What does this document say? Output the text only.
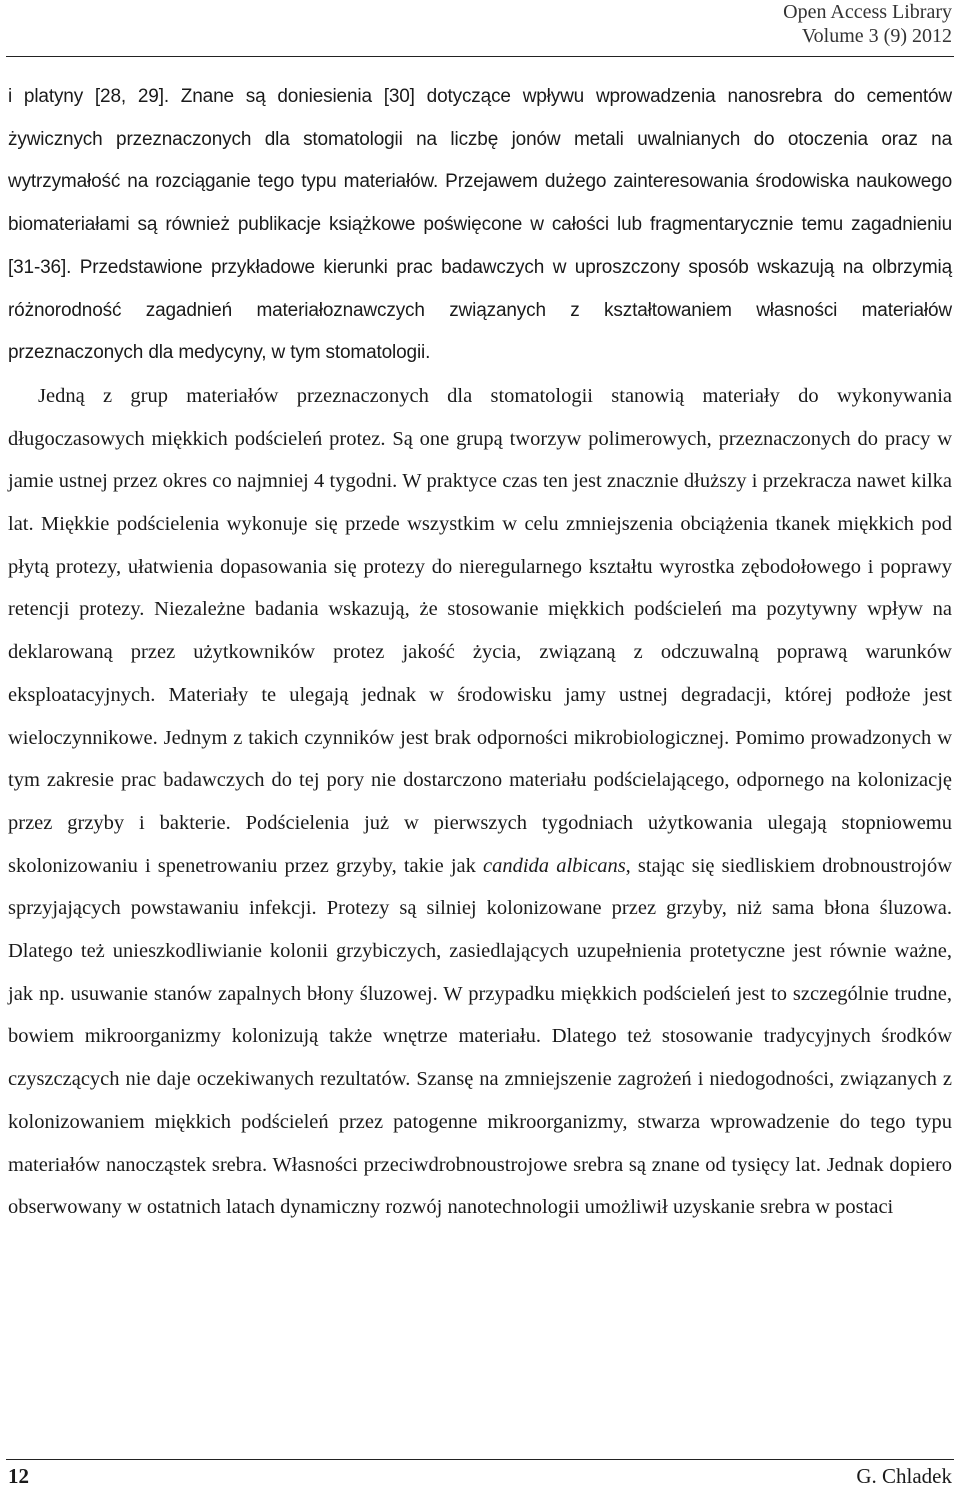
Open Access Library
Volume 3 (9) 2012

i platyny [28, 29]. Znane są doniesienia [30] dotyczące wpływu wprowadzenia nanosrebra do cementów żywicznych przeznaczonych dla stomatologii na liczbę jonów metali uwalnianych do otoczenia oraz na wytrzymałość na rozciąganie tego typu materiałów. Przejawem dużego zainteresowania środowiska naukowego biomateriałami są również publikacje książkowe poświęcone w całości lub fragmentarycznie temu zagadnieniu [31-36]. Przedstawione przykładowe kierunki prac badawczych w uproszczony sposób wskazują na olbrzymią różnorodność zagadnień materiałoznawczych związanych z kształtowaniem własności materiałów przeznaczonych dla medycyny, w tym stomatologii.

Jedną z grup materiałów przeznaczonych dla stomatologii stanowią materiały do wykonywania długoczasowych miękkich podścieleń protez. Są one grupą tworzyw polimerowych, przeznaczonych do pracy w jamie ustnej przez okres co najmniej 4 tygodni. W praktyce czas ten jest znacznie dłuższy i przekracza nawet kilka lat. Miękkie podścielenia wykonuje się przede wszystkim w celu zmniejszenia obciążenia tkanek miękkich pod płytą protezy, ułatwienia dopasowania się protezy do nieregularnego kształtu wyrostka zębodołowego i poprawy retencji protezy. Niezależne badania wskazują, że stosowanie miękkich podścieleń ma pozytywny wpływ na deklarowaną przez użytkowników protez jakość życia, związaną z odczuwalną poprawą warunków eksploatacyjnych. Materiały te ulegają jednak w środowisku jamy ustnej degradacji, której podłoże jest wieloczynnikowe. Jednym z takich czynników jest brak odporności mikrobiologicznej. Pomimo prowadzonych w tym zakresie prac badawczych do tej pory nie dostarczono materiału podścielającego, odpornego na kolonizację przez grzyby i bakterie. Podścielenia już w pierwszych tygodniach użytkowania ulegają stopniowemu skolonizowaniu i spenetrowaniu przez grzyby, takie jak candida albicans, stając się siedliskiem drobnoustrojów sprzyjających powstawaniu infekcji. Protezy są silniej kolonizowane przez grzyby, niż sama błona śluzowa. Dlatego też unieszkodliwianie kolonii grzybiczych, zasiedlających uzupełnienia protetyczne jest równie ważne, jak np. usuwanie stanów zapalnych błony śluzowej. W przypadku miękkich podścieleń jest to szczególnie trudne, bowiem mikroorganizmy kolonizują także wnętrze materiału. Dlatego też stosowanie tradycyjnych środków czyszczących nie daje oczekiwanych rezultatów. Szansę na zmniejszenie zagrożeń i niedogodności, związanych z kolonizowaniem miękkich podścieleń przez patogenne mikroorganizmy, stwarza wprowadzenie do tego typu materiałów nanocząstek srebra. Własności przeciwdrobnoustrojowe srebra są znane od tysięcy lat. Jednak dopiero obserwowany w ostatnich latach dynamiczny rozwój nanotechnologii umożliwił uzyskanie srebra w postaci

12	G. Chladek
